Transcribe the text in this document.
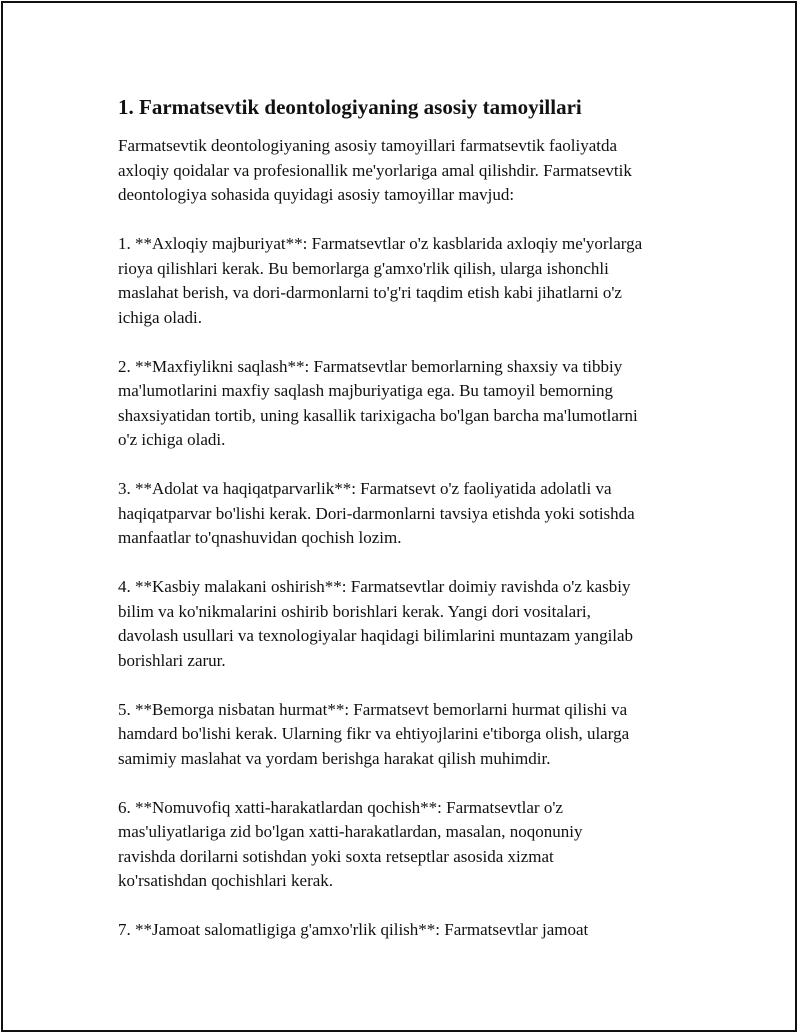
1. Farmatsevtik deontologiyaning asosiy tamoyillari

Farmatsevtik deontologiyaning asosiy tamoyillari farmatsevtik faoliyatda
axloqiy qoidalar va profesionallik me'yorlariga amal qilishdir. Farmatsevtik
deontologiya sohasida quyidagi asosiy tamoyillar mavjud:

1. **Axloqiy majburiyat**: Farmatsevtlar o'z kasblarida axloqiy me'yorlarga
rioya qilishlari kerak. Bu bemorlarga g'amxo'rlik qilish, ularga ishonchli
maslahat berish, va dori-darmonlarni to'g'ri taqdim etish kabi jihatlarni o'z
ichiga oladi.

2. **Maxfiylikni saqlash**: Farmatsevtlar bemorlarning shaxsiy va tibbiy
ma'lumotlarini maxfiy saqlash majburiyatiga ega. Bu tamoyil bemorning
shaxsiyatidan tortib, uning kasallik tarixigacha bo'lgan barcha ma'lumotlarni
o'z ichiga oladi.

3. **Adolat va haqiqatparvarlik**: Farmatsevt o'z faoliyatida adolatli va
haqiqatparvar bo'lishi kerak. Dori-darmonlarni tavsiya etishda yoki sotishda
manfaatlar to'qnashuvidan qochish lozim.

4. **Kasbiy malakani oshirish**: Farmatsevtlar doimiy ravishda o'z kasbiy
bilim va ko'nikmalarini oshirib borishlari kerak. Yangi dori vositalari,
davolash usullari va texnologiyalar haqidagi bilimlarini muntazam yangilab
borishlari zarur.

5. **Bemorga nisbatan hurmat**: Farmatsevt bemorlarni hurmat qilishi va
hamdard bo'lishi kerak. Ularning fikr va ehtiyojlarini e'tiborga olish, ularga
samimiy maslahat va yordam berishga harakat qilish muhimdir.

6. **Nomuvofiq xatti-harakatlardan qochish**: Farmatsevtlar o'z
mas'uliyatlariga zid bo'lgan xatti-harakatlardan, masalan, noqonuniy
ravishda dorilarni sotishdan yoki soxta retseptlar asosida xizmat
ko'rsatishdan qochishlari kerak.

7. **Jamoat salomatligiga g'amxo'rlik qilish**: Farmatsevtlar jamoat
